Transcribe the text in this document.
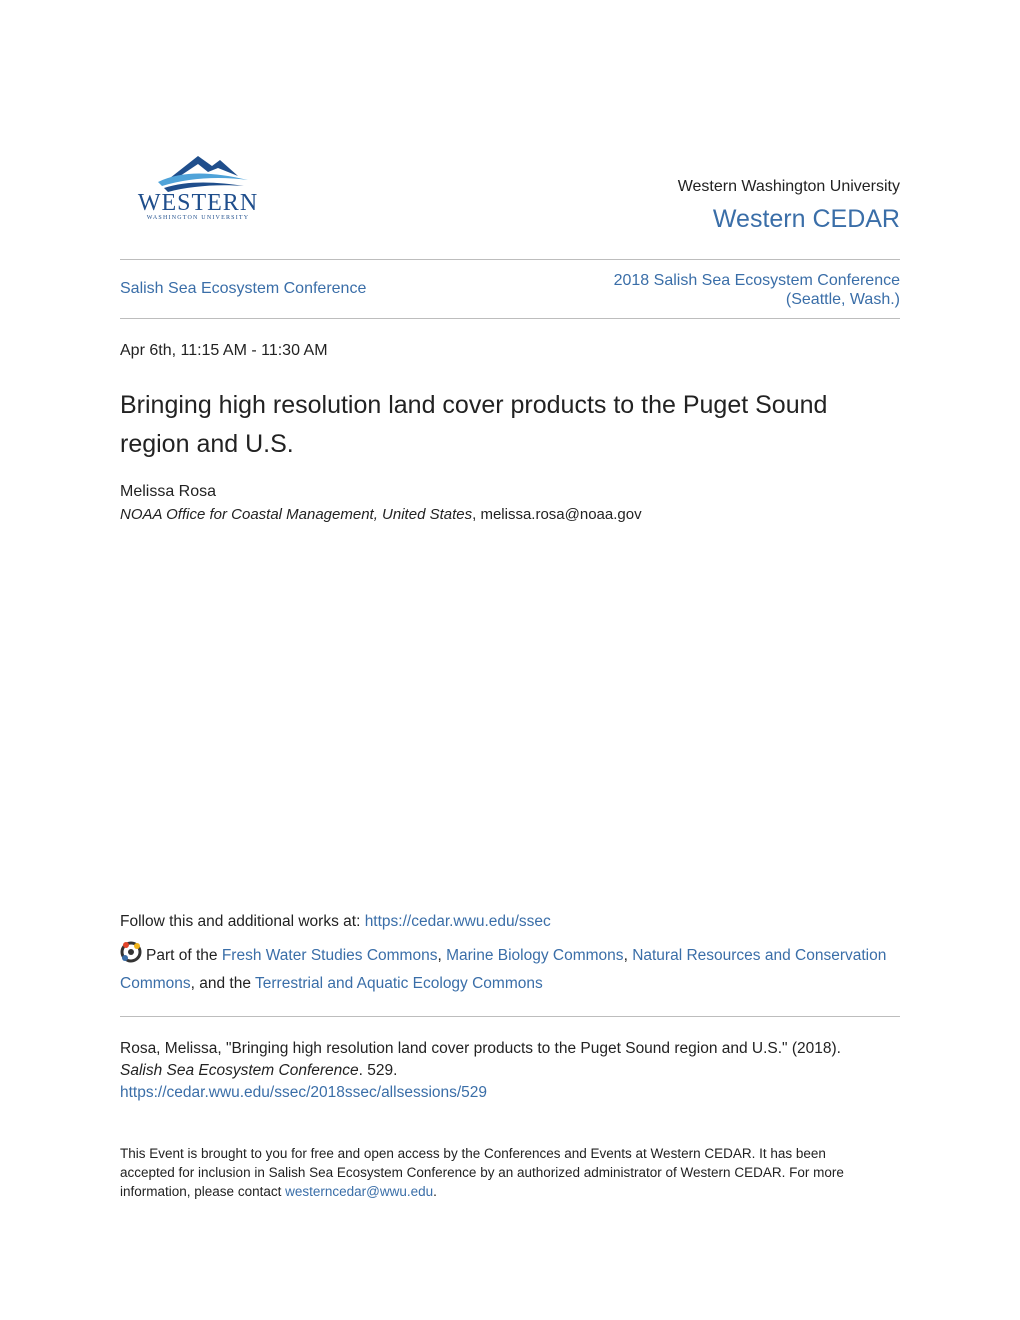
WESTERN
WASHINGTON UNIVERSITY
Western Washington University
Western CEDAR
Salish Sea Ecosystem Conference	2018 Salish Sea Ecosystem Conference
(Seattle, Wash.)
Apr 6th, 11:15 AM - 11:30 AM
Bringing high resolution land cover products to the Puget Sound region and U.S.
Melissa Rosa
NOAA Office for Coastal Management, United States, melissa.rosa@noaa.gov
Follow this and additional works at: https://cedar.wwu.edu/ssec
Part of the Fresh Water Studies Commons, Marine Biology Commons, Natural Resources and Conservation Commons, and the Terrestrial and Aquatic Ecology Commons
Rosa, Melissa, "Bringing high resolution land cover products to the Puget Sound region and U.S." (2018).
Salish Sea Ecosystem Conference. 529.
https://cedar.wwu.edu/ssec/2018ssec/allsessions/529
This Event is brought to you for free and open access by the Conferences and Events at Western CEDAR. It has been accepted for inclusion in Salish Sea Ecosystem Conference by an authorized administrator of Western CEDAR. For more information, please contact westerncedar@wwu.edu.
